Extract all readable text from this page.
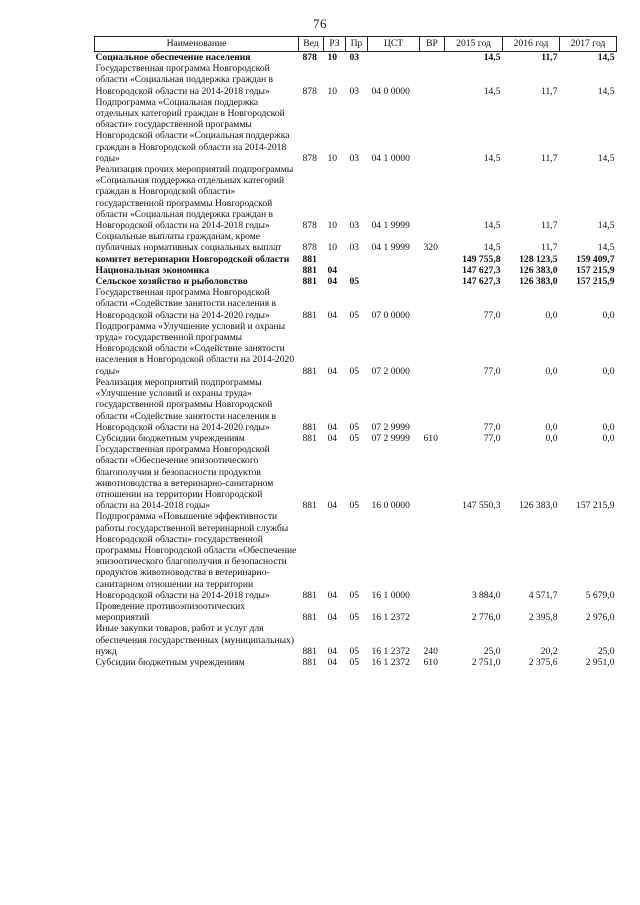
76
Наименование	Вед	РЗ	Пр	ЦСТ	ВР	2015 год	2016 год	2017 год
Социальное обеспечение населения	878	10	03			14,5	11,7	14,5
Государственная программа Новгородской области «Социальная поддержка граждан в Новгородской области на 2014-2018 годы»	878	10	03	04 0 0000		14,5	11,7	14,5
Подпрограмма «Социальная поддержка отдельных категорий граждан в Новгородской области» государственной программы Новгородской области «Социальная поддержка граждан в Новгородской области на 2014-2018 годы»	878	10	03	04 1 0000		14,5	11,7	14,5
Реализация прочих мероприятий подпрограммы «Социальная поддержка отдельных категорий граждан в Новгородской области» государственной программы Новгородской области «Социальная поддержка граждан в Новгородской области на 2014-2018 годы»	878	10	03	04 1 9999		14,5	11,7	14,5
Социальные выплаты гражданам, кроме публичных нормативных социальных выплат	878	10	03	04 1 9999	320	14,5	11,7	14,5
комитет ветеринарии Новгородской области	881					149 755,8	128 123,5	159 409,7
Национальная экономика	881	04				147 627,3	126 383,0	157 215,9
Сельское хозяйство и рыболовство	881	04	05			147 627,3	126 383,0	157 215,9
Государственная программа Новгородской области «Содействие занятости населения в Новгородской области на 2014-2020 годы»	881	04	05	07 0 0000		77,0	0,0	0,0
Подпрограмма «Улучшение условий и охраны труда» государственной программы Новгородской области «Содействие занятости населения в Новгородской области на 2014-2020 годы»	881	04	05	07 2 0000		77,0	0,0	0,0
Реализация мероприятий подпрограммы «Улучшение условий и охраны труда» государственной программы Новгородской области «Содействие занятости населения в Новгородской области на 2014-2020 годы»	881	04	05	07 2 9999		77,0	0,0	0,0
Субсидии бюджетным учреждениям	881	04	05	07 2 9999	610	77,0	0,0	0,0
Государственная программа Новгородской области «Обеспечение эпизоотического благополучия и безопасности продуктов животноводства в ветеринарно-санитарном отношении на территории Новгородской области на 2014-2018 годы»	881	04	05	16 0 0000		147 550,3	126 383,0	157 215,9
Подпрограмма «Повышение эффективности работы государственной ветеринарной службы Новгородской области» государственной программы Новгородской области «Обеспечение эпизоотического благополучия и безопасности продуктов животноводства в ветеринарно-санитарном отношении на территории Новгородской области на 2014-2018 годы»	881	04	05	16 1 0000		3 884,0	4 571,7	5 679,0
Проведение противоэпизоотических мероприятий	881	04	05	16 1 2372		2 776,0	2 395,8	2 976,0
Иные закупки товаров, работ и услуг для обеспечения государственных (муниципальных) нужд	881	04	05	16 1 2372	240	25,0	20,2	25,0
Субсидии бюджетным учреждениям	881	04	05	16 1 2372	610	2 751,0	2 375,6	2 951,0
